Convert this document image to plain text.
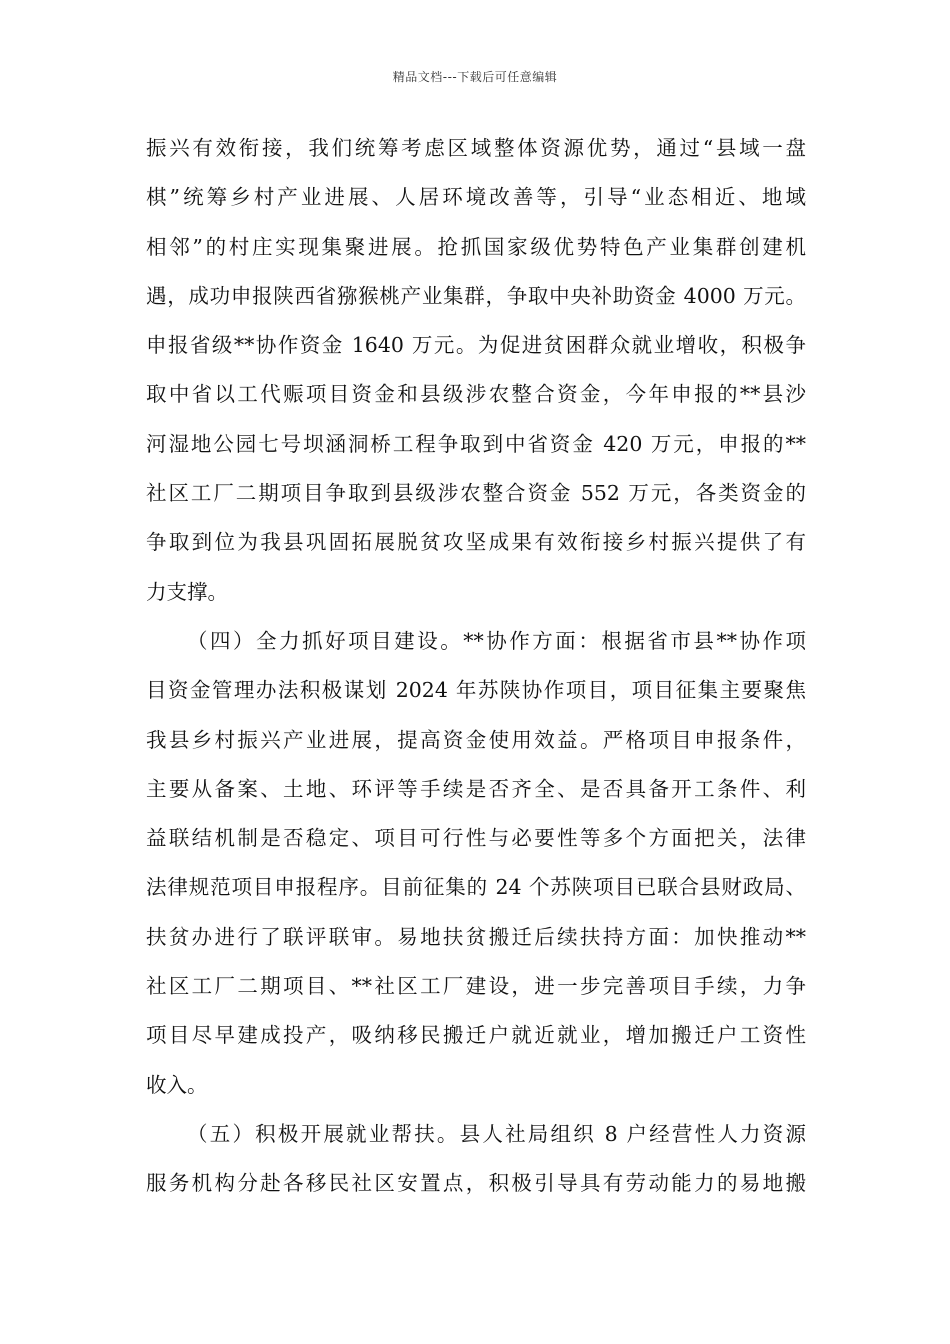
精品文档---下载后可任意编辑
振兴有效衔接，我们统筹考虑区域整体资源优势，通过“县域一盘
棋”统筹乡村产业进展、人居环境改善等，引导“业态相近、地域
相邻”的村庄实现集聚进展。抢抓国家级优势特色产业集群创建机
遇，成功申报陕西省猕猴桃产业集群，争取中央补助资金 4000 万元。
申报省级**协作资金 1640 万元。为促进贫困群众就业增收，积极争
取中省以工代赈项目资金和县级涉农整合资金，今年申报的**县沙
河湿地公园七号坝涵洞桥工程争取到中省资金 420 万元，申报的**
社区工厂二期项目争取到县级涉农整合资金 552 万元，各类资金的
争取到位为我县巩固拓展脱贫攻坚成果有效衔接乡村振兴提供了有
力支撑。
（四）全力抓好项目建设。**协作方面：根据省市县**协作项
目资金管理办法积极谋划 2024 年苏陕协作项目，项目征集主要聚焦
我县乡村振兴产业进展，提高资金使用效益。严格项目申报条件，
主要从备案、土地、环评等手续是否齐全、是否具备开工条件、利
益联结机制是否稳定、项目可行性与必要性等多个方面把关，法律
法律规范项目申报程序。目前征集的 24 个苏陕项目已联合县财政局、
扶贫办进行了联评联审。易地扶贫搬迁后续扶持方面：加快推动**
社区工厂二期项目、**社区工厂建设，进一步完善项目手续，力争
项目尽早建成投产，吸纳移民搬迁户就近就业，增加搬迁户工资性
收入。
（五）积极开展就业帮扶。县人社局组织 8 户经营性人力资源
服务机构分赴各移民社区安置点，积极引导具有劳动能力的易地搬
